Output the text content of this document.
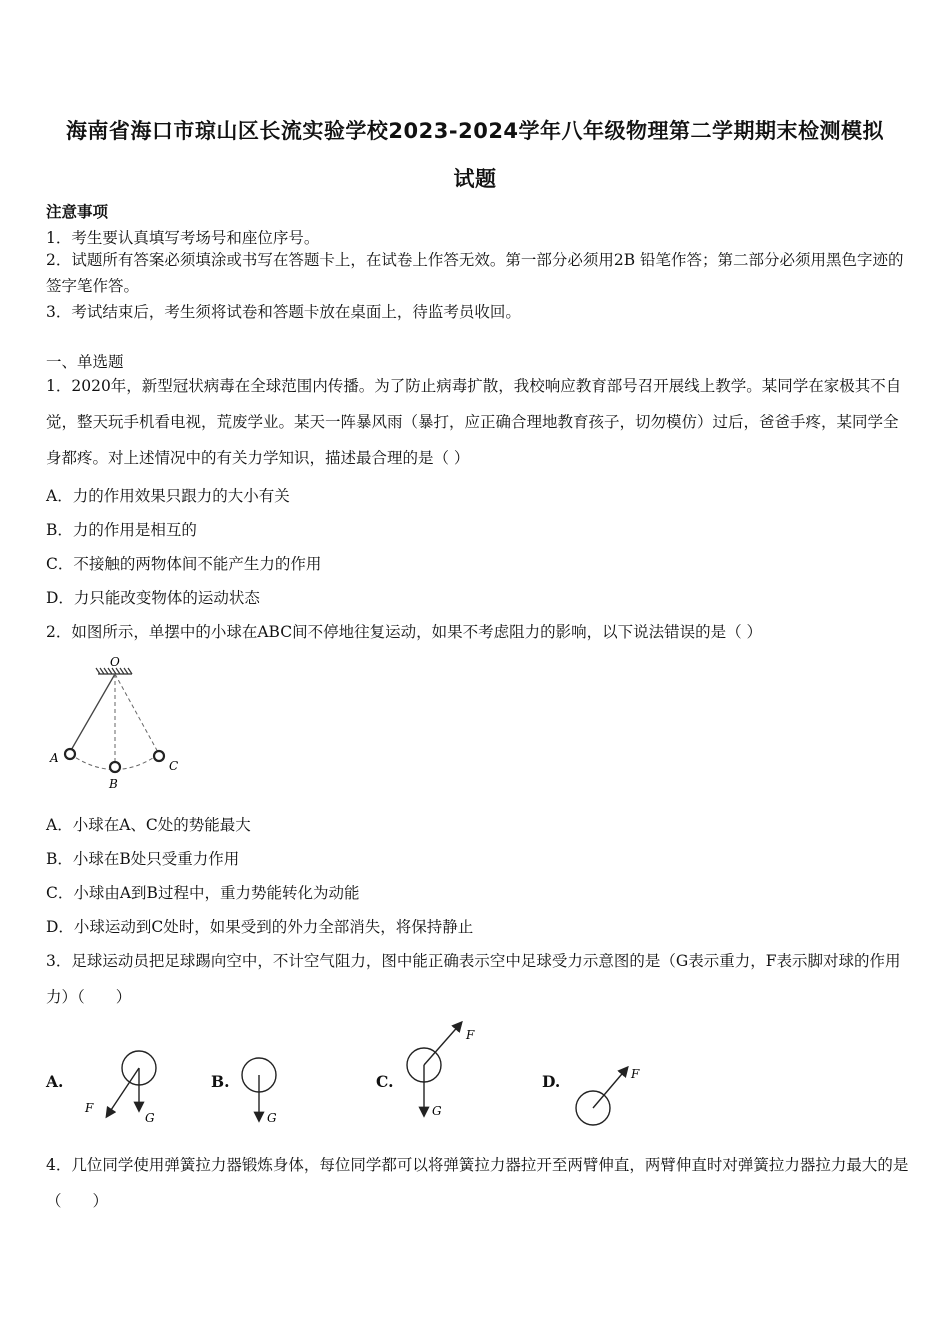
海南省海口市琼山区长流实验学校2023-2024学年八年级物理第二学期期末检测模拟
试题
注意事项
1．考生要认真填写考场号和座位序号。
2．试题所有答案必须填涂或书写在答题卡上，在试卷上作答无效。第一部分必须用2B 铅笔作答；第二部分必须用黑色字迹的签字笔作答。
3．考试结束后，考生须将试卷和答题卡放在桌面上，待监考员收回。
一、单选题
1．2020年，新型冠状病毒在全球范围内传播。为了防止病毒扩散，我校响应教育部号召开展线上教学。某同学在家极其不自觉，整天玩手机看电视，荒废学业。某天一阵暴风雨（暴打，应正确合理地教育孩子，切勿模仿）过后，爸爸手疼，某同学全身都疼。对上述情况中的有关力学知识，描述最合理的是（ ）
A．力的作用效果只跟力的大小有关
B．力的作用是相互的
C．不接触的两物体间不能产生力的作用
D．力只能改变物体的运动状态
2．如图所示，单摆中的小球在ABC间不停地往复运动，如果不考虑阻力的影响，以下说法错误的是（ ）
O
A
B
C
A．小球在A、C处的势能最大
B．小球在B处只受重力作用
C．小球由A到B过程中，重力势能转化为动能
D．小球运动到C处时，如果受到的外力全部消失，将保持静止
3．足球运动员把足球踢向空中，不计空气阻力，图中能正确表示空中足球受力示意图的是（G表示重力，F表示脚对球的作用力）（　　）
A.
G
F
B.
G
C.
G
F
D.	F
4．几位同学使用弹簧拉力器锻炼身体，每位同学都可以将弹簧拉力器拉开至两臂伸直，两臂伸直时对弹簧拉力器拉力最大的是（　　）
